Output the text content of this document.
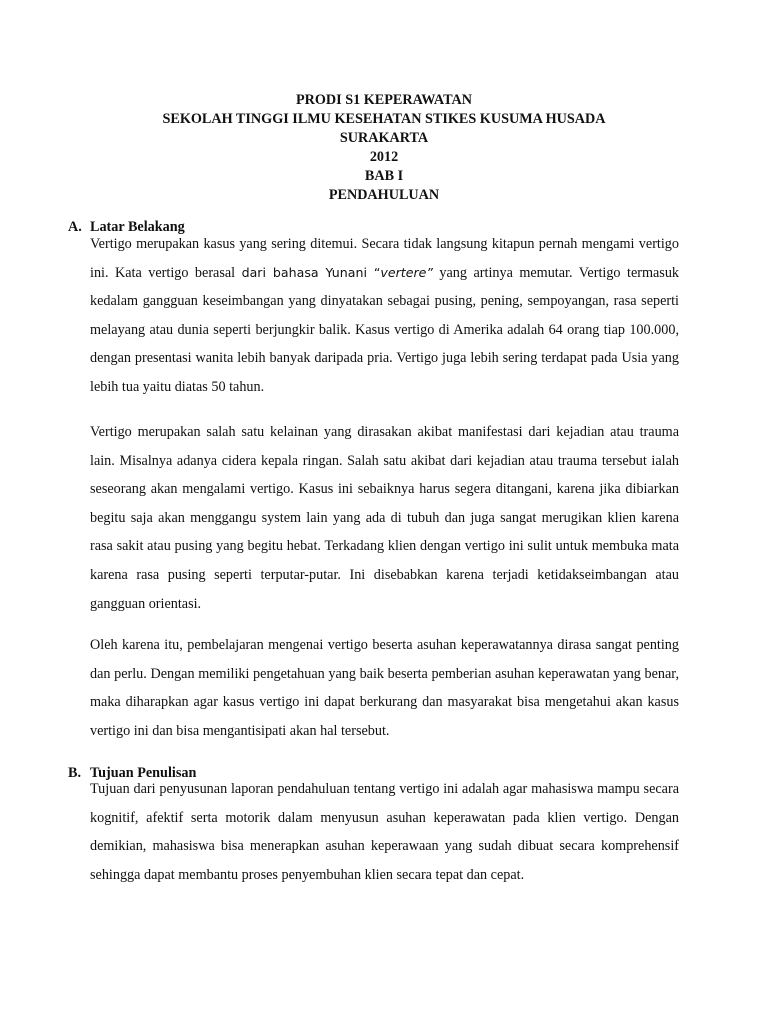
PRODI S1 KEPERAWATAN
SEKOLAH TINGGI ILMU KESEHATAN STIKES KUSUMA HUSADA
SURAKARTA
2012
BAB I
PENDAHULUAN
A. Latar Belakang

Vertigo merupakan kasus yang sering ditemui. Secara tidak langsung kitapun pernah mengami vertigo ini. Kata vertigo berasal dari bahasa Yunani “vertere” yang artinya memutar. Vertigo termasuk kedalam gangguan keseimbangan yang dinyatakan sebagai pusing, pening, sempoyangan, rasa seperti melayang atau dunia seperti berjungkir balik. Kasus vertigo di Amerika adalah 64 orang tiap 100.000, dengan presentasi wanita lebih banyak daripada pria. Vertigo juga lebih sering terdapat pada Usia yang lebih tua yaitu diatas 50 tahun.

Vertigo merupakan salah satu kelainan yang dirasakan akibat manifestasi dari kejadian atau trauma lain. Misalnya adanya cidera kepala ringan. Salah satu akibat dari kejadian atau trauma tersebut ialah seseorang akan mengalami vertigo. Kasus ini sebaiknya harus segera ditangani, karena jika dibiarkan begitu saja akan menggangu system lain yang ada di tubuh dan juga sangat merugikan klien karena rasa sakit atau pusing yang begitu hebat. Terkadang klien dengan vertigo ini sulit untuk membuka mata karena rasa pusing seperti terputar-putar. Ini disebabkan karena terjadi ketidakseimbangan atau gangguan orientasi.

Oleh karena itu, pembelajaran mengenai vertigo beserta asuhan keperawatannya dirasa sangat penting dan perlu. Dengan memiliki pengetahuan yang baik beserta pemberian asuhan keperawatan yang benar, maka diharapkan agar kasus vertigo ini dapat berkurang dan masyarakat bisa mengetahui akan kasus vertigo ini dan bisa mengantisipati akan hal tersebut.

B. Tujuan Penulisan

Tujuan dari penyusunan laporan pendahuluan tentang vertigo ini adalah agar mahasiswa mampu secara kognitif, afektif serta motorik dalam menyusun asuhan keperawatan pada klien vertigo. Dengan demikian, mahasiswa bisa menerapkan asuhan keperawaan yang sudah dibuat secara komprehensif sehingga dapat membantu proses penyembuhan klien secara tepat dan cepat.
